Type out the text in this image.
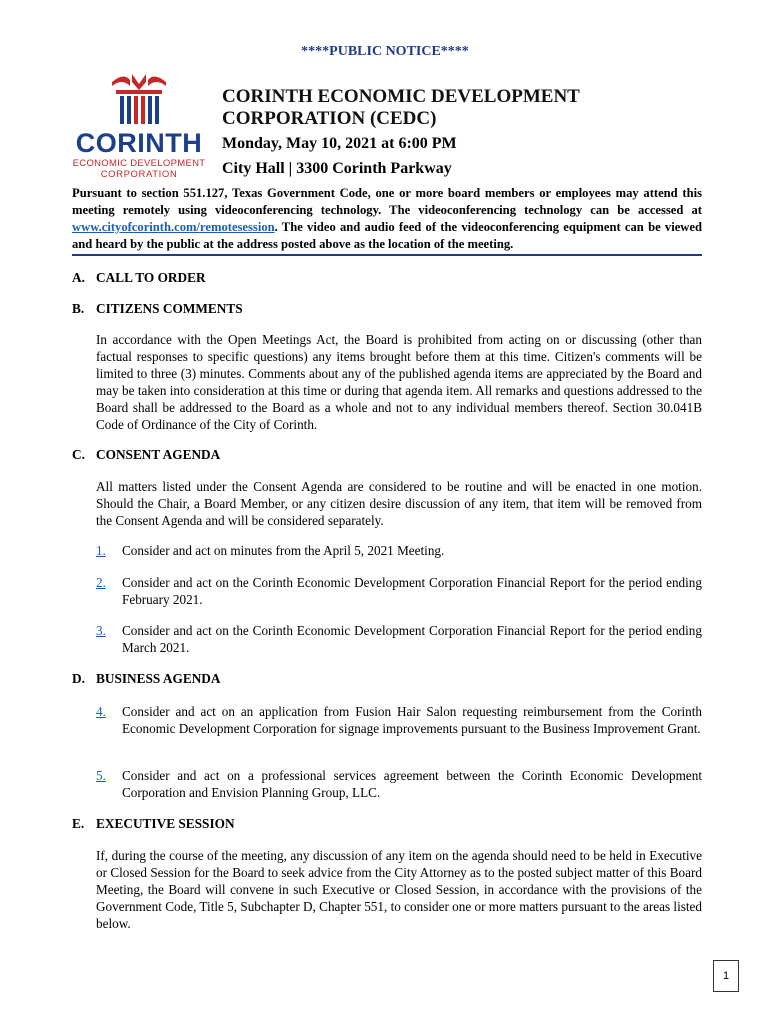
****PUBLIC NOTICE****
CORINTH
ECONOMIC DEVELOPMENT
CORPORATION
CORINTH ECONOMIC DEVELOPMENT
CORPORATION (CEDC)
Monday, May 10, 2021 at 6:00 PM
City Hall | 3300 Corinth Parkway
Pursuant to section 551.127, Texas Government Code, one or more board members or employees may attend this meeting remotely using videoconferencing technology. The videoconferencing technology can be accessed at www.cityofcorinth.com/remotesession. The video and audio feed of the videoconferencing equipment can be viewed and heard by the public at the address posted above as the location of the meeting.
A. CALL TO ORDER
B. CITIZENS COMMENTS
In accordance with the Open Meetings Act, the Board is prohibited from acting on or discussing (other than factual responses to specific questions) any items brought before them at this time. Citizen's comments will be limited to three (3) minutes. Comments about any of the published agenda items are appreciated by the Board and may be taken into consideration at this time or during that agenda item. All remarks and questions addressed to the Board shall be addressed to the Board as a whole and not to any individual members thereof. Section 30.041B Code of Ordinance of the City of Corinth.
C. CONSENT AGENDA
All matters listed under the Consent Agenda are considered to be routine and will be enacted in one motion. Should the Chair, a Board Member, or any citizen desire discussion of any item, that item will be removed from the Consent Agenda and will be considered separately.
1. Consider and act on minutes from the April 5, 2021 Meeting.
2. Consider and act on the Corinth Economic Development Corporation Financial Report for the period ending February 2021.
3. Consider and act on the Corinth Economic Development Corporation Financial Report for the period ending March 2021.
D. BUSINESS AGENDA
4. Consider and act on an application from Fusion Hair Salon requesting reimbursement from the Corinth Economic Development Corporation for signage improvements pursuant to the Business Improvement Grant.
5. Consider and act on a professional services agreement between the Corinth Economic Development Corporation and Envision Planning Group, LLC.
E. EXECUTIVE SESSION
If, during the course of the meeting, any discussion of any item on the agenda should need to be held in Executive or Closed Session for the Board to seek advice from the City Attorney as to the posted subject matter of this Board Meeting, the Board will convene in such Executive or Closed Session, in accordance with the provisions of the Government Code, Title 5, Subchapter D, Chapter 551, to consider one or more matters pursuant to the areas listed below.
1
